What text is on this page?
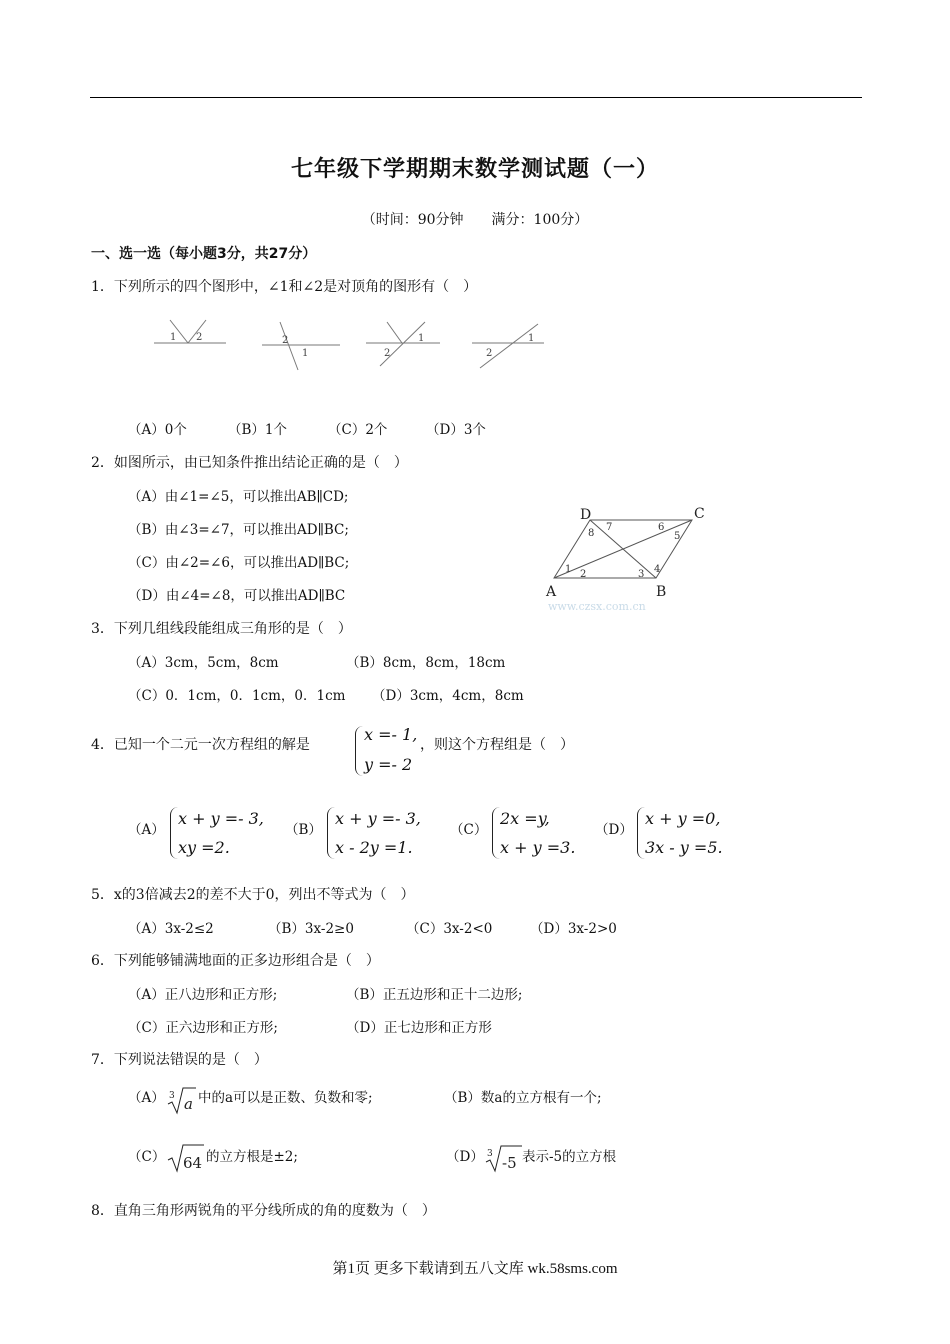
七年级下学期期末数学测试题（一）
（时间：90分钟　　满分：100分）
一、选一选（每小题3分，共27分）
1．下列所示的四个图形中，∠1和∠2是对顶角的图形有（　）
1 2	2
1	2
1
2
1
（A）0个	（B）1个	（C）2个	（D）3个
2．如图所示，由已知条件推出结论正确的是（　）
（A）由∠1=∠5，可以推出AB∥CD;
（B）由∠3=∠7，可以推出AD∥BC;
（C）由∠2=∠6，可以推出AD∥BC;
（D）由∠4=∠8，可以推出AD∥BC
D	C
A	B
1 2	3 4
5
6
7
8
www.czsx.com.cn
3．下列几组线段能组成三角形的是（　）
（A）3cm，5cm，8cm	（B）8cm，8cm，18cm
（C）0．1cm，0．1cm，0．1cm （D）3cm，4cm，8cm
4．已知一个二元一次方程组的解是
x =- 1,
y =- 2
，则这个方程组是（　）
（A）
x + y =- 3,
xy =2.
（B）
x + y =- 3,
x - 2y =1.
（C）
2x =y,
x + y =3.
（D）
x + y =0,
3x - y =5.
5．x的3倍减去2的差不大于0，列出不等式为（　）
（A）3x-2≤2	（B）3x-2≥0	（C）3x-2<0	（D）3x-2>0
6．下列能够铺满地面的正多边形组合是（　）
（A）正八边形和正方形;	（B）正五边形和正十二边形;
（C）正六边形和正方形;	（D）正七边形和正方形
7．下列说法错误的是（　）
（A） 3 a 中的a可以是正数、负数和零;	（B）数a的立方根有一个;
（C） 64 的立方根是±2;	（D） 3 -5 表示-5的立方根
8．直角三角形两锐角的平分线所成的角的度数为（　）
第1页 更多下载请到五八文库 wk.58sms.com
